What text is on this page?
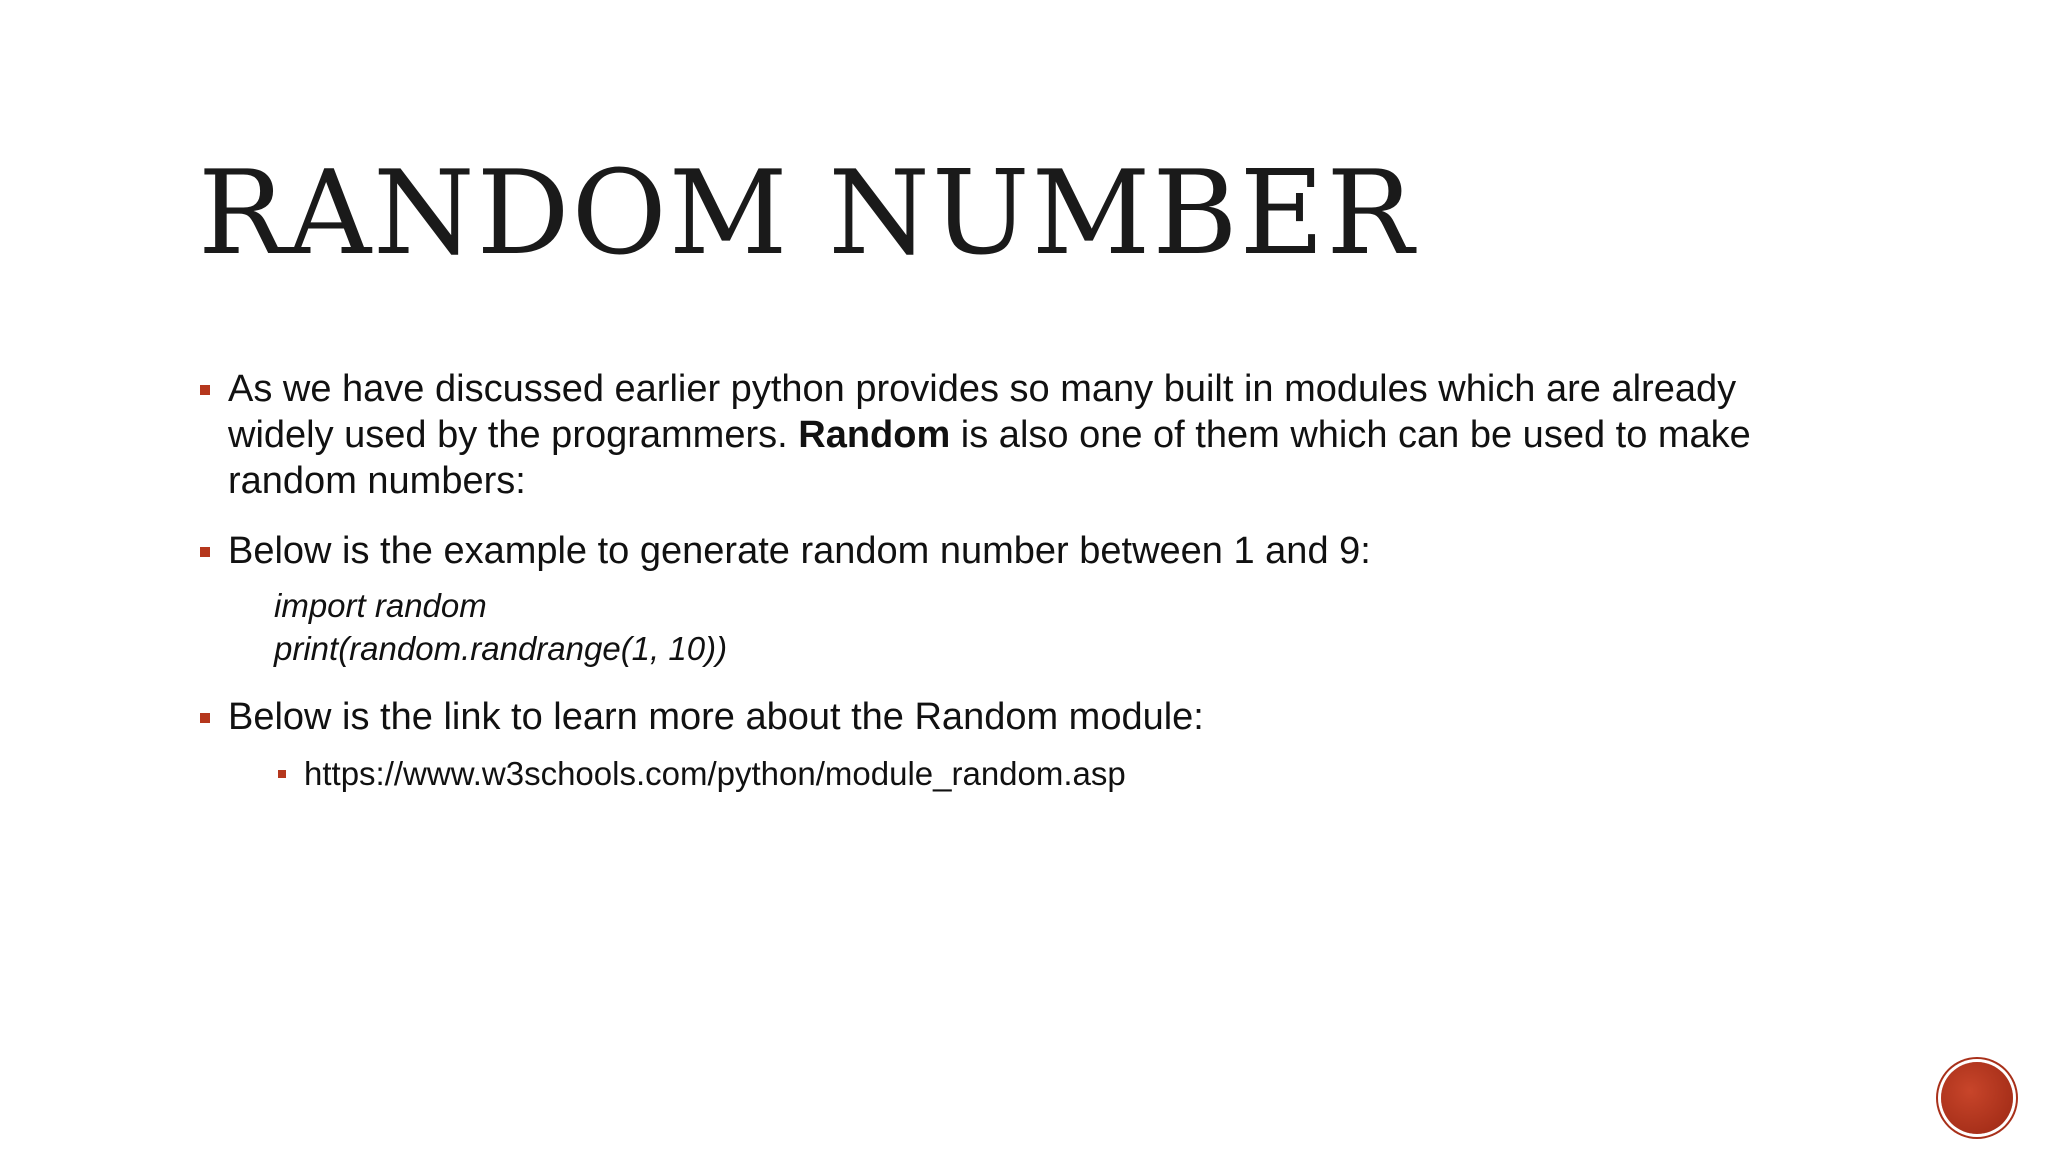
RANDOM NUMBER
As we have discussed earlier python provides so many built in modules which are already widely used by the programmers. Random is also one of them which can be used to make random numbers:
Below is the example to generate random number between 1 and 9:
import random
print(random.randrange(1, 10))
Below is the link to learn more about the Random module:
https://www.w3schools.com/python/module_random.asp
